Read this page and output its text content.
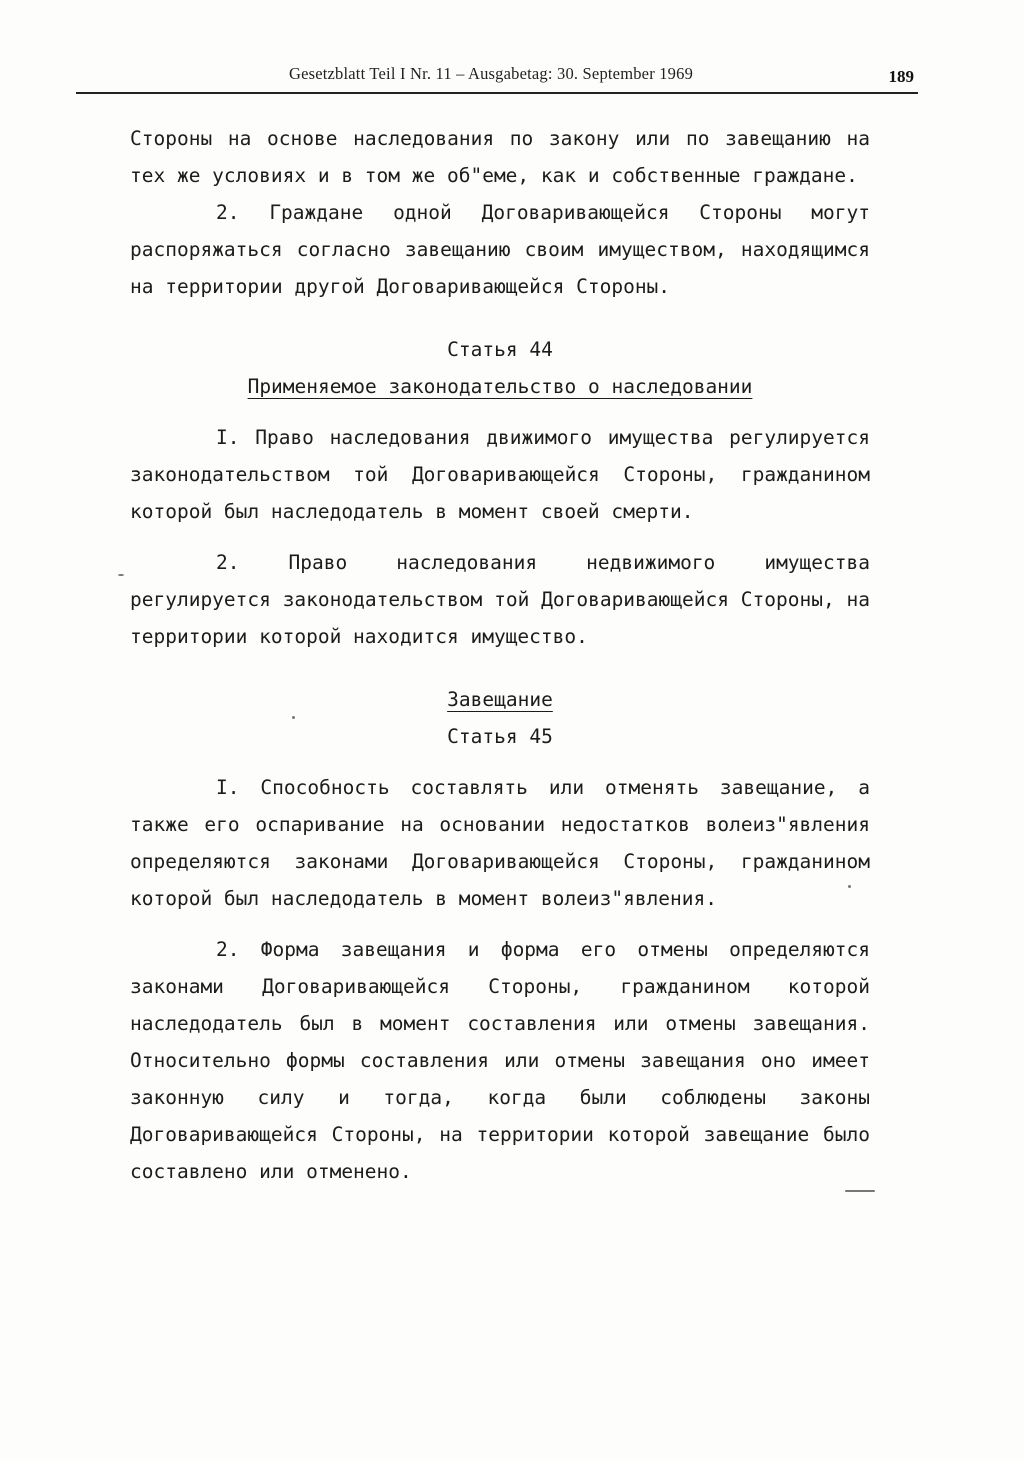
Gesetzblatt Teil I Nr. 11 – Ausgabetag: 30. September 1969	189

Стороны на основе наследования по закону или по завещанию на тех же условиях и в том же об"еме, как и собственные граждане.

2. Граждане одной Договаривающейся Стороны могут распоряжаться согласно завещанию своим имуществом, находящимся на территории другой Договаривающейся Стороны.

Статья 44

Применяемое законодательство о наследовании

I. Право наследования движимого имущества регулируется законодательством той Договаривающейся Стороны, гражданином которой был наследодатель в момент своей смерти.

2. Право наследования недвижимого имущества регулируется законодательством той Договаривающейся Стороны, на территории которой находится имущество.

Завещание

Статья 45

I. Способность составлять или отменять завещание, а также его оспаривание на основании недостатков волеиз"явления определяются законами Договаривающейся Стороны, гражданином которой был наследодатель в момент волеиз"явления.

2. Форма завещания и форма его отмены определяются законами Договаривающейся Стороны, гражданином которой наследодатель был в момент составления или отмены завещания. Относительно формы составления или отмены завещания оно имеет законную силу и тогда, когда были соблюдены законы Договаривающейся Стороны, на территории которой завещание было составлено или отменено.
